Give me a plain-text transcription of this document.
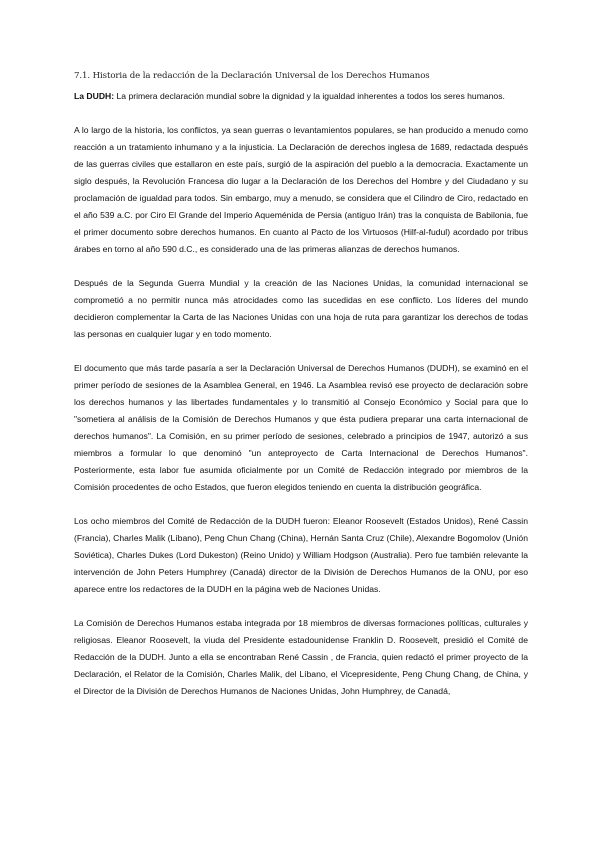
7.1. Historia de la redacción de la Declaración Universal de los Derechos Humanos

La DUDH: La primera declaración mundial sobre la dignidad y la igualdad inherentes a todos los seres humanos.

A lo largo de la historia, los conflictos, ya sean guerras o levantamientos populares, se han producido a menudo como reacción a un tratamiento inhumano y a la injusticia. La Declaración de derechos inglesa de 1689, redactada después de las guerras civiles que estallaron en este país, surgió de la aspiración del pueblo a la democracia. Exactamente un siglo después, la Revolución Francesa dio lugar a la Declaración de los Derechos del Hombre y del Ciudadano y su proclamación de igualdad para todos. Sin embargo, muy a menudo, se considera que el Cilindro de Ciro, redactado en el año 539 a.C. por Ciro El Grande del Imperio Aqueménida de Persia (antiguo Irán) tras la conquista de Babilonia, fue el primer documento sobre derechos humanos. En cuanto al Pacto de los Virtuosos (Hilf-al-fudul) acordado por tribus árabes en torno al año 590 d.C., es considerado una de las primeras alianzas de derechos humanos.

Después de la Segunda Guerra Mundial y la creación de las Naciones Unidas, la comunidad internacional se comprometió a no permitir nunca más atrocidades como las sucedidas en ese conflicto. Los líderes del mundo decidieron complementar la Carta de las Naciones Unidas con una hoja de ruta para garantizar los derechos de todas las personas en cualquier lugar y en todo momento.

El documento que más tarde pasaría a ser la Declaración Universal de Derechos Humanos (DUDH), se examinó en el primer período de sesiones de la Asamblea General, en 1946. La Asamblea revisó ese proyecto de declaración sobre los derechos humanos y las libertades fundamentales y lo transmitió al Consejo Económico y Social para que lo "sometiera al análisis de la Comisión de Derechos Humanos y que ésta pudiera preparar una carta internacional de derechos humanos". La Comisión, en su primer período de sesiones, celebrado a principios de 1947, autorizó a sus miembros a formular lo que denominó "un anteproyecto de Carta Internacional de Derechos Humanos". Posteriormente, esta labor fue asumida oficialmente por un Comité de Redacción integrado por miembros de la Comisión procedentes de ocho Estados, que fueron elegidos teniendo en cuenta la distribución geográfica.

Los ocho miembros del Comité de Redacción de la DUDH fueron: Eleanor Roosevelt (Estados Unidos), René Cassin (Francia), Charles Malik (Líbano), Peng Chun Chang (China), Hernán Santa Cruz (Chile), Alexandre Bogomolov (Unión Soviética), Charles Dukes (Lord Dukeston) (Reino Unido) y William Hodgson (Australia). Pero fue también relevante la intervención de John Peters Humphrey (Canadá) director de la División de Derechos Humanos de la ONU, por eso aparece entre los redactores de la DUDH en la página web de Naciones Unidas.

La Comisión de Derechos Humanos estaba integrada por 18 miembros de diversas formaciones políticas, culturales y religiosas. Eleanor Roosevelt, la viuda del Presidente estadounidense Franklin D. Roosevelt, presidió el Comité de Redacción de la DUDH. Junto a ella se encontraban René Cassin , de Francia, quien redactó el primer proyecto de la Declaración, el Relator de la Comisión, Charles Malik, del Líbano, el Vicepresidente, Peng Chung Chang, de China, y el Director de la División de Derechos Humanos de Naciones Unidas, John Humphrey, de Canadá,
